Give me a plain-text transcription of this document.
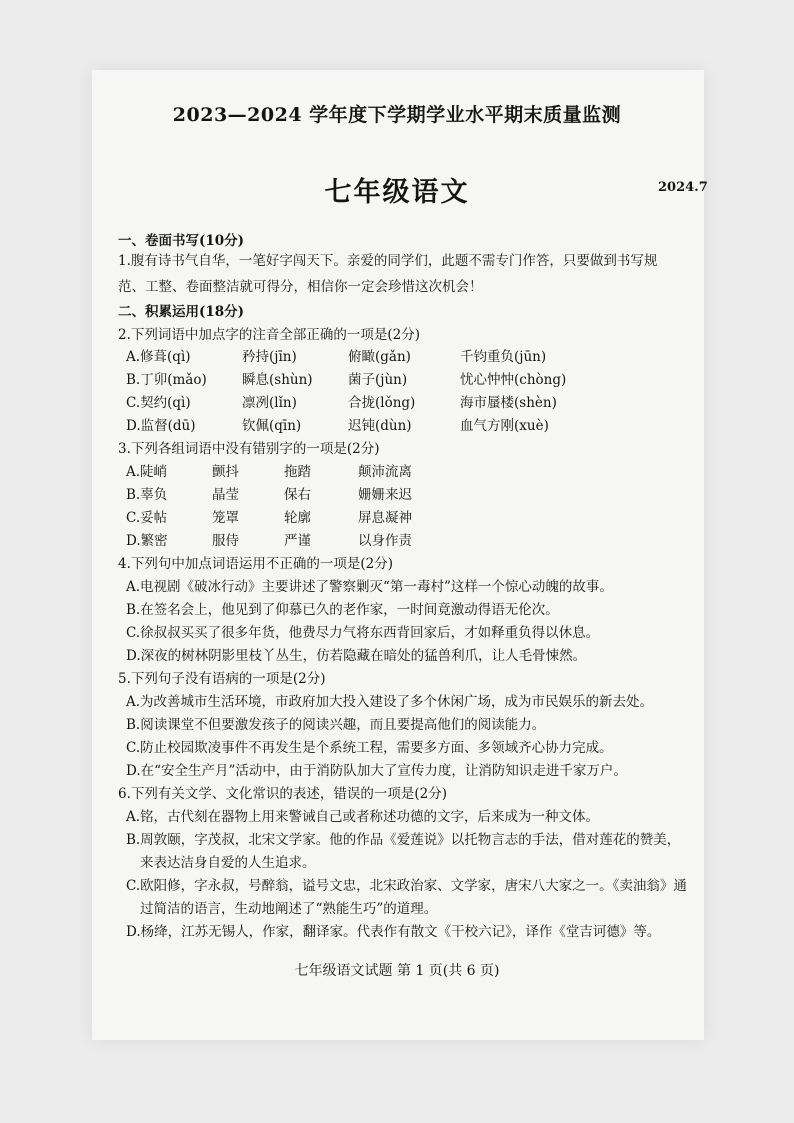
2023—2024 学年度下学期学业水平期末质量监测
七年级语文	2024.7
一、卷面书写(10分)
1.腹有诗书气自华，一笔好字闯天下。亲爱的同学们，此题不需专门作答，只要做到书写规
范、工整、卷面整洁就可得分，相信你一定会珍惜这次机会！
二、积累运用(18分)
2.下列词语中加点字的注音全部正确的一项是(2分)
A.修葺(qì)	矜持(jīn)	俯瞰(gǎn)	千钧重负(jūn)
B.丁卯(mǎo)	瞬息(shùn)	菌子(jùn)	忧心忡忡(chòng)
C.契约(qì)	凛冽(lǐn)	合拢(lǒng)	海市蜃楼(shèn)
D.监督(dū)	钦佩(qīn)	迟钝(dùn)	血气方刚(xuè)
3.下列各组词语中没有错别字的一项是(2分)
A.陡峭	颤抖	拖踏	颠沛流离
B.辜负	晶莹	保右	姗姗来迟
C.妥帖	笼罩	轮廓	屏息凝神
D.繁密	服侍	严谨	以身作责
4.下列句中加点词语运用不正确的一项是(2分)
A.电视剧《破冰行动》主要讲述了警察剿灭“第一毒村”这样一个惊心动魄的故事。
B.在签名会上，他见到了仰慕已久的老作家，一时间竟激动得语无伦次。
C.徐叔叔买买了很多年货，他费尽力气将东西背回家后，才如释重负得以休息。
D.深夜的树林阴影里枝丫丛生，仿若隐藏在暗处的猛兽利爪，让人毛骨悚然。
5.下列句子没有语病的一项是(2分)
A.为改善城市生活环境，市政府加大投入建设了多个休闲广场，成为市民娱乐的新去处。
B.阅读课堂不但要激发孩子的阅读兴趣，而且要提高他们的阅读能力。
C.防止校园欺凌事件不再发生是个系统工程，需要多方面、多领域齐心协力完成。
D.在“安全生产月”活动中，由于消防队加大了宣传力度，让消防知识走进千家万户。
6.下列有关文学、文化常识的表述，错误的一项是(2分)
A.铭，古代刻在器物上用来警诫自己或者称述功德的文字，后来成为一种文体。
B.周敦颐，字茂叔，北宋文学家。他的作品《爱莲说》以托物言志的手法，借对莲花的赞美，
来表达洁身自爱的人生追求。
C.欧阳修，字永叔，号醉翁，谥号文忠，北宋政治家、文学家，唐宋八大家之一。《卖油翁》通
过简洁的语言，生动地阐述了“熟能生巧”的道理。
D.杨绛，江苏无锡人，作家，翻译家。代表作有散文《干校六记》，译作《堂吉诃德》等。
七年级语文试题 第 1 页(共 6 页)
